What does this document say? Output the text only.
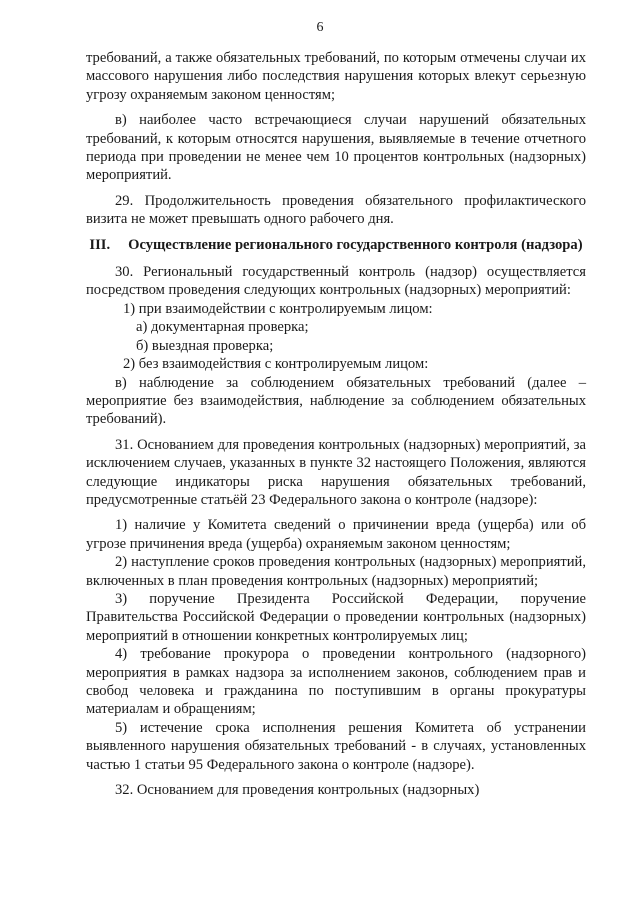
6

требований, а также обязательных требований, по которым отмечены случаи их массового нарушения либо последствия нарушения которых влекут серьезную угрозу охраняемым законом ценностям;

в) наиболее часто встречающиеся случаи нарушений обязательных требований, к которым относятся нарушения, выявляемые в течение отчетного периода при проведении не менее чем 10 процентов контрольных (надзорных) мероприятий.

29. Продолжительность проведения обязательного профилактического визита не может превышать одного рабочего дня.

III. Осуществление регионального государственного контроля (надзора)

30. Региональный государственный контроль (надзор) осуществляется посредством проведения следующих контрольных (надзорных) мероприятий:

1) при взаимодействии с контролируемым лицом:

а) документарная проверка;

б) выездная проверка;

2) без взаимодействия с контролируемым лицом:

в) наблюдение за соблюдением обязательных требований (далее – мероприятие без взаимодействия, наблюдение за соблюдением обязательных требований).

31. Основанием для проведения контрольных (надзорных) мероприятий, за исключением случаев, указанных в пункте 32 настоящего Положения, являются следующие индикаторы риска нарушения обязательных требований, предусмотренные статьёй 23 Федерального закона о контроле (надзоре):

1) наличие у Комитета сведений о причинении вреда (ущерба) или об угрозе причинения вреда (ущерба) охраняемым законом ценностям;

2) наступление сроков проведения контрольных (надзорных) мероприятий, включенных в план проведения контрольных (надзорных) мероприятий;

3) поручение Президента Российской Федерации, поручение Правительства Российской Федерации о проведении контрольных (надзорных) мероприятий в отношении конкретных контролируемых лиц;

4) требование прокурора о проведении контрольного (надзорного) мероприятия в рамках надзора за исполнением законов, соблюдением прав и свобод человека и гражданина по поступившим в органы прокуратуры материалам и обращениям;

5) истечение срока исполнения решения Комитета об устранении выявленного нарушения обязательных требований - в случаях, установленных частью 1 статьи 95 Федерального закона о контроле (надзоре).

32. Основанием для проведения контрольных (надзорных)
